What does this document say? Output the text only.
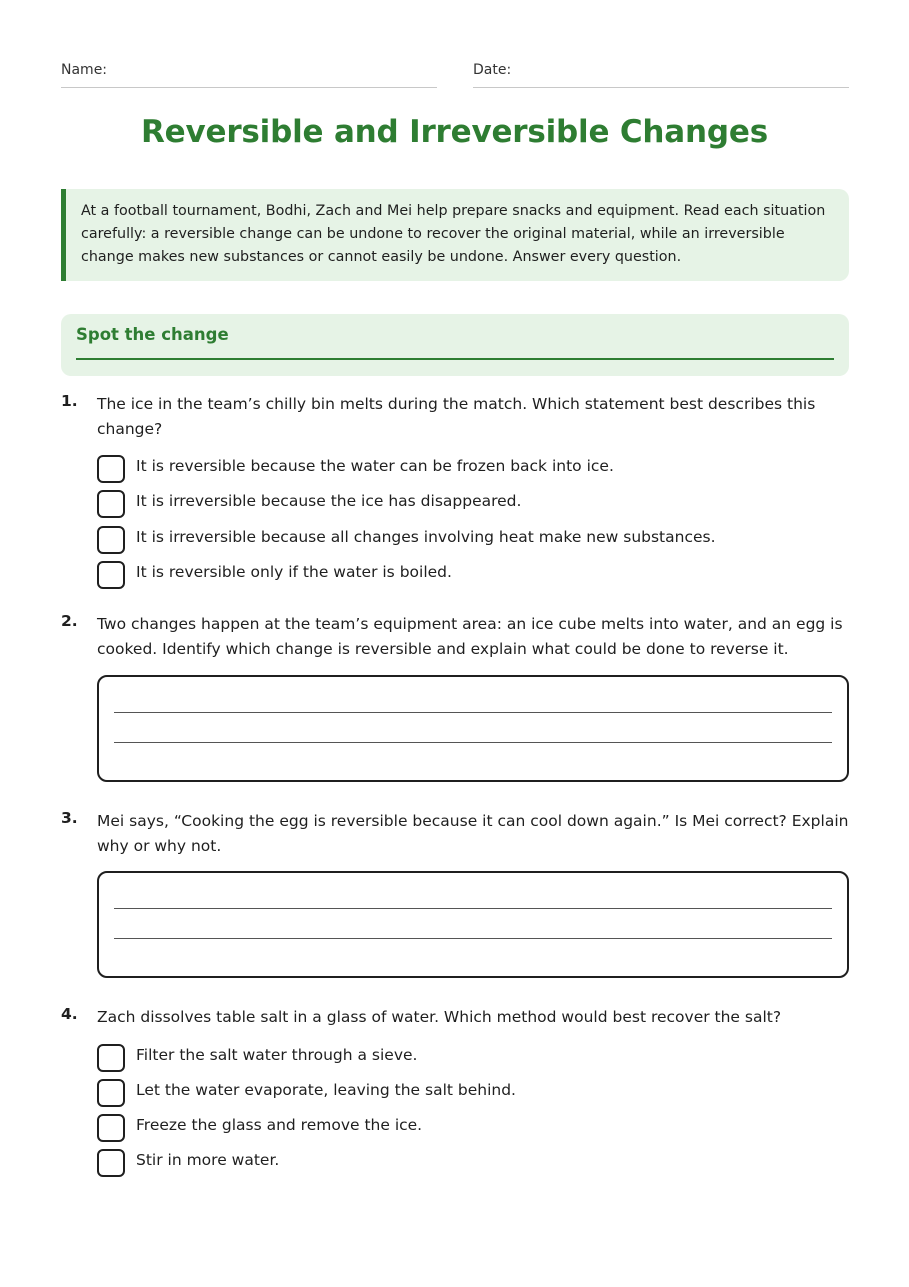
Name:	Date:
Reversible and Irreversible Changes

At a football tournament, Bodhi, Zach and Mei help prepare snacks and equipment. Read each situation carefully: a reversible change can be undone to recover the original material, while an irreversible change makes new substances or cannot easily be undone. Answer every question.

Spot the change
1. The ice in the team’s chilly bin melts during the match. Which statement best describes this change?

It is reversible because the water can be frozen back into ice.
It is irreversible because the ice has disappeared.
It is irreversible because all changes involving heat make new substances.
It is reversible only if the water is boiled.
2. Two changes happen at the team’s equipment area: an ice cube melts into water, and an egg is cooked. Identify which change is reversible and explain what could be done to reverse it.

3. Mei says, “Cooking the egg is reversible because it can cool down again.” Is Mei correct? Explain why or why not.

4. Zach dissolves table salt in a glass of water. Which method would best recover the salt?

Filter the salt water through a sieve.
Let the water evaporate, leaving the salt behind.
Freeze the glass and remove the ice.
Stir in more water.
